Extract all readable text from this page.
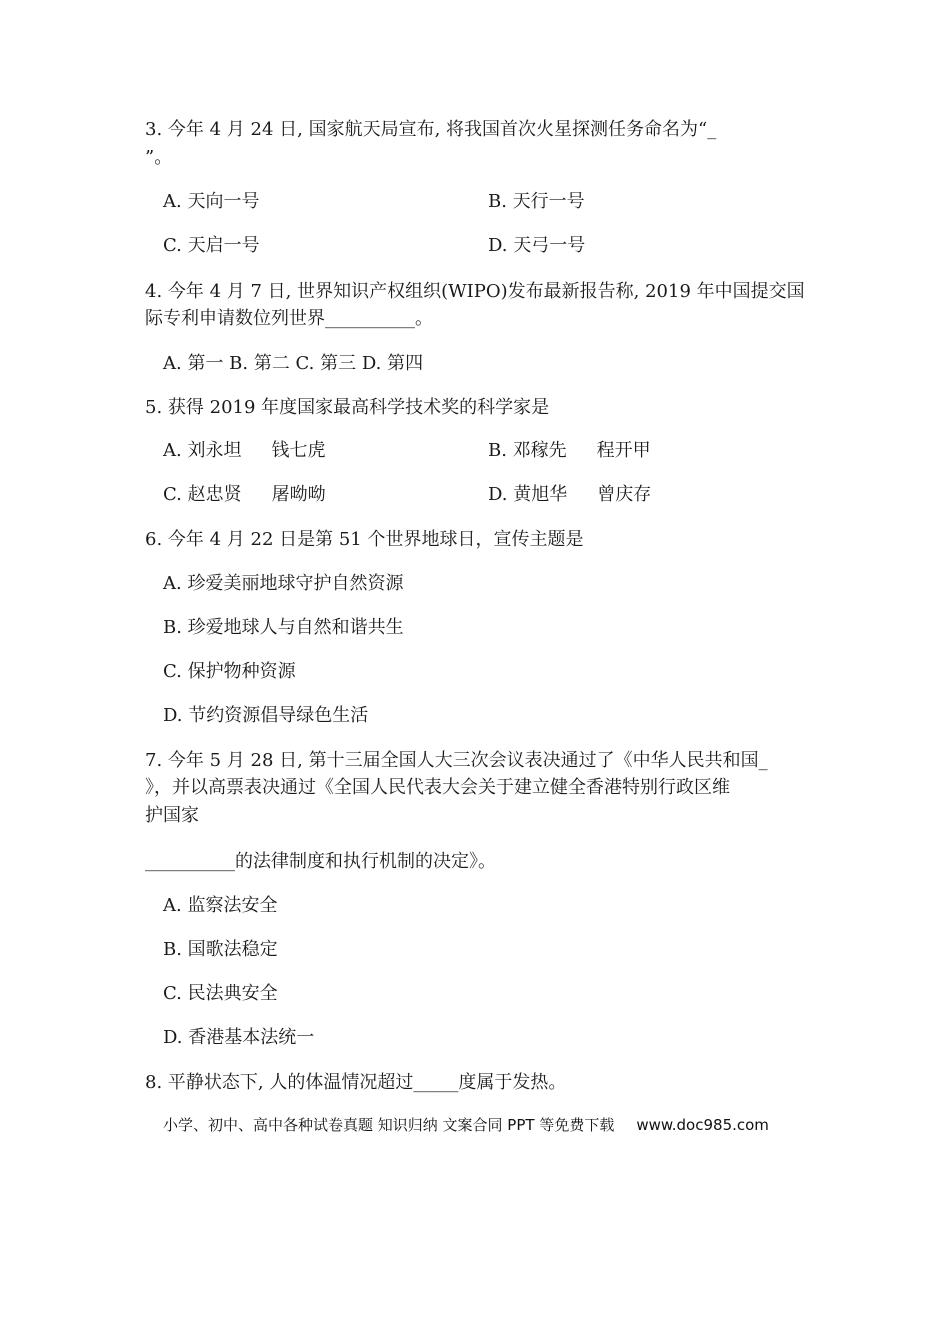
3. 今年 4 月 24 日, 国家航天局宣布, 将我国首次火星探测任务命名为“_
”。
A. 天向一号	B. 天行一号
C. 天启一号	D. 天弓一号
4. 今年 4 月 7 日, 世界知识产权组织(WIPO)发布最新报告称, 2019 年中国提交国
际专利申请数位列世界__________。
A. 第一 B. 第二 C. 第三 D. 第四
5. 获得 2019 年度国家最高科学技术奖的科学家是
A. 刘永坦 钱七虎	B. 邓稼先 程开甲
C. 赵忠贤 屠呦呦	D. 黄旭华 曾庆存
6. 今年 4 月 22 日是第 51 个世界地球日，宣传主题是
A. 珍爱美丽地球守护自然资源
B. 珍爱地球人与自然和谐共生
C. 保护物种资源
D. 节约资源倡导绿色生活
7. 今年 5 月 28 日, 第十三届全国人大三次会议表决通过了《中华人民共和国_
》，并以高票表决通过《全国人民代表大会关于建立健全香港特别行政区维
护国家
__________的法律制度和执行机制的决定》。
A. 监察法安全
B. 国歌法稳定
C. 民法典安全
D. 香港基本法统一
8. 平静状态下, 人的体温情况超过_____度属于发热。
小学、初中、高中各种试卷真题 知识归纳 文案合同 PPT 等免费下载 www.doc985.com
